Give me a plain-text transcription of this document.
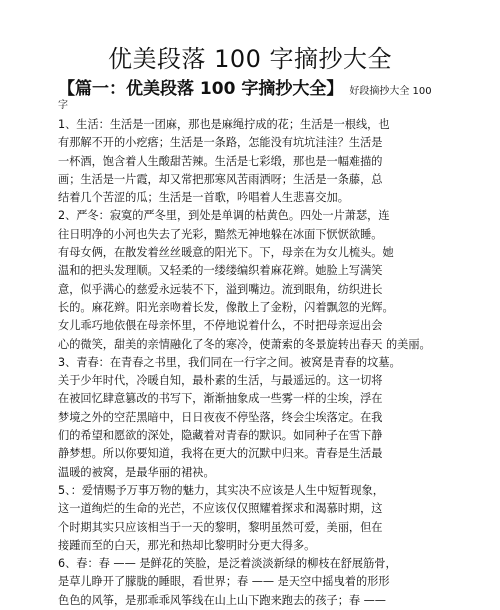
优美段落 100 字摘抄大全
【篇一：优美段落 100 字摘抄大全】 好段摘抄大全 100
字
1、生活：生活是一团麻，那也是麻绳拧成的花；生活是一根线，也
有那解不开的小疙瘩；生活是一条路，怎能没有坑坑洼洼？生活是
一杯酒，饱含着人生酸甜苦辣。生活是七彩缎，那也是一幅难描的
画；生活是一片霞，却又常把那寒风苦雨洒呀；生活是一条藤，总
结着几个苦涩的瓜；生活是一首歌，吟唱着人生悲喜交加。
2、严冬：寂寞的严冬里，到处是单调的枯黄色。四处一片萧瑟，连
往日明净的小河也失去了光彩，黯然无神地躲在冰面下恹恹欲睡。
有母女俩，在散发着丝丝暖意的阳光下。下，母亲在为女儿梳头。她
温和的把头发理顺。又轻柔的一缕缕编织着麻花辫。她脸上写满笑
意，似乎满心的慈爱永远装不下，溢到嘴边。流到眼角，纺织进长
长的。麻花辫。阳光亲吻着长发，像散上了金粉，闪着飘忽的光辉。
女儿乖巧地依偎在母亲怀里，不停地说着什么，不时把母亲逗出会
心的微笑，甜美的亲情融化了冬的寒冷，使萧索的冬景旋转出春天 的美丽。
3、青春：在青春之书里，我们同在一行字之间。被窝是青春的坟墓。
关于少年时代，冷暖自知，最朴素的生活，与最遥远的。这一切将
在被回忆肆意篡改的书写下，渐渐抽象成一些雾一样的尘埃，浮在
梦境之外的空茫黑暗中，日日夜夜不停坠落，终会尘埃落定。在我
们的希望和愿欲的深处，隐藏着对青春的默识。如同种子在雪下静
静梦想。所以你要知道，我将在更大的沉默中归来。青春是生活最
温暖的被窝，是最华丽的裙袂。
5、：爱情赐予万事万物的魅力，其实决不应该是人生中短暂现象，
这一道绚烂的生命的光芒，不应该仅仅照耀着探求和渴慕时期，这
个时期其实只应该相当于一天的黎明，黎明虽然可爱，美丽，但在
接踵而至的白天，那光和热却比黎明时分更大得多。
6、春：春 —— 是鲜花的笑脸，是泛着淡淡新绿的柳枝在舒展筋骨，
是草儿睁开了朦胧的睡眼，看世界；春 —— 是天空中摇曳着的形形
色色的风筝，是那乖乖风筝线在山上山下跑来跑去的孩子；春 ——
